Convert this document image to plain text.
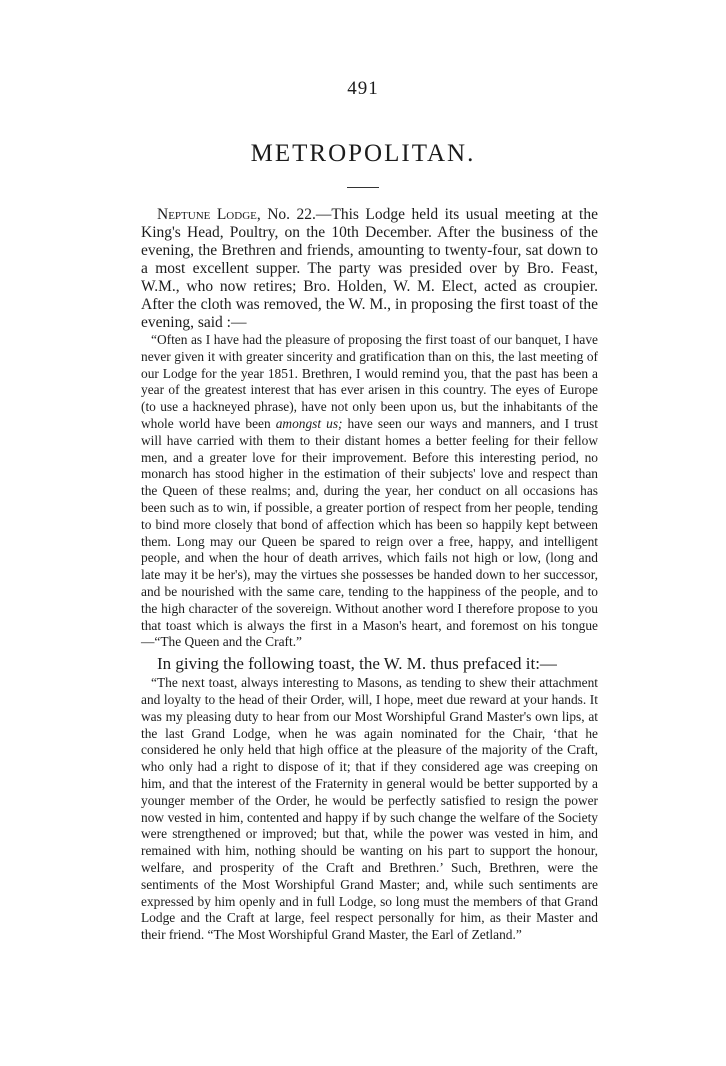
491
METROPOLITAN.

Neptune Lodge, No. 22.—This Lodge held its usual meeting at the King's Head, Poultry, on the 10th December. After the business of the evening, the Brethren and friends, amounting to twenty-four, sat down to a most excellent supper. The party was presided over by Bro. Feast, W.M., who now retires; Bro. Holden, W. M. Elect, acted as croupier. After the cloth was removed, the W. M., in proposing the first toast of the evening, said :—

“Often as I have had the pleasure of proposing the first toast of our banquet, I have never given it with greater sincerity and gratification than on this, the last meeting of our Lodge for the year 1851. Brethren, I would remind you, that the past has been a year of the greatest interest that has ever arisen in this country. The eyes of Europe (to use a hackneyed phrase), have not only been upon us, but the inhabitants of the whole world have been amongst us; have seen our ways and manners, and I trust will have carried with them to their distant homes a better feeling for their fellow men, and a greater love for their improvement. Before this interesting period, no monarch has stood higher in the estimation of their subjects' love and respect than the Queen of these realms; and, during the year, her conduct on all occasions has been such as to win, if possible, a greater portion of respect from her people, tending to bind more closely that bond of affection which has been so happily kept between them. Long may our Queen be spared to reign over a free, happy, and intelligent people, and when the hour of death arrives, which fails not high or low, (long and late may it be her's), may the virtues she possesses be handed down to her successor, and be nourished with the same care, tending to the happiness of the people, and to the high character of the sovereign. Without another word I therefore propose to you that toast which is always the first in a Mason's heart, and foremost on his tongue—“The Queen and the Craft.”

In giving the following toast, the W. M. thus prefaced it:—

“The next toast, always interesting to Masons, as tending to shew their attachment and loyalty to the head of their Order, will, I hope, meet due reward at your hands. It was my pleasing duty to hear from our Most Worshipful Grand Master's own lips, at the last Grand Lodge, when he was again nominated for the Chair, ‘that he considered he only held that high office at the pleasure of the majority of the Craft, who only had a right to dispose of it; that if they considered age was creeping on him, and that the interest of the Fraternity in general would be better supported by a younger member of the Order, he would be perfectly satisfied to resign the power now vested in him, contented and happy if by such change the welfare of the Society were strengthened or improved; but that, while the power was vested in him, and remained with him, nothing should be wanting on his part to support the honour, welfare, and prosperity of the Craft and Brethren.’ Such, Brethren, were the sentiments of the Most Worshipful Grand Master; and, while such sentiments are expressed by him openly and in full Lodge, so long must the members of that Grand Lodge and the Craft at large, feel respect personally for him, as their Master and their friend. “The Most Worshipful Grand Master, the Earl of Zetland.”
